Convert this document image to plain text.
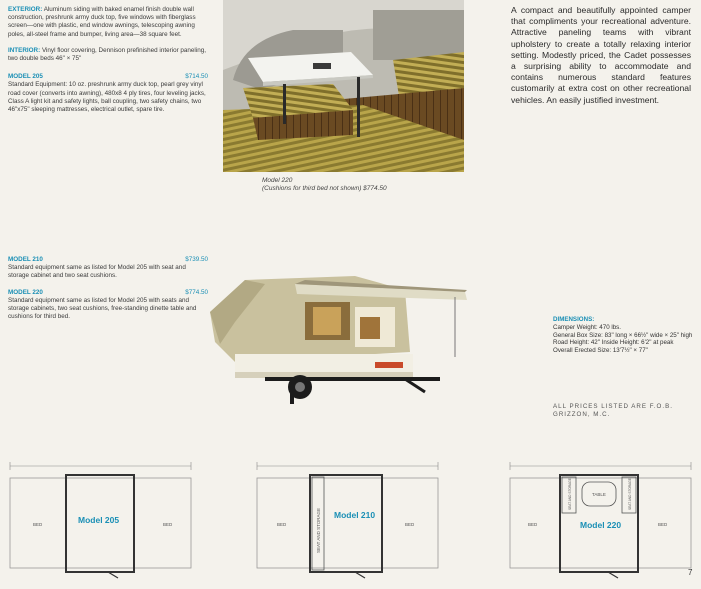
EXTERIOR: Aluminum siding with baked enamel finish double wall construction, preshrunk army duck top, five windows with fiberglass screen—one with plastic, end window awnings, telescoping awning poles, all-steel frame and bumper, living area—38 square feet.
INTERIOR: Vinyl floor covering, Dennison prefinished interior paneling, two double beds 46" × 75"
MODEL 205	$714.50
Standard Equipment: 10 oz. preshrunk army duck top, pearl grey vinyl road cover (converts into awning), 480x8 4 ply tires, four leveling jacks, Class A light kit and safety lights, ball coupling, two safety chains, two 46"x75" sleeping mattresses, electrical outlet, spare tire.
MODEL 210	$739.50
Standard equipment same as listed for Model 205 with seat and storage cabinet and two seat cushions.
MODEL 220	$774.50
Standard equipment same as listed for Model 205 with seats and storage cabinets, two seat cushions, free-standing dinette table and cushions for third bed.
Model 220
(Cushions for third bed not shown) $774.50
A compact and beautifully appointed camper that compliments your recreational adventure. Attractive paneling teams with vibrant upholstery to create a totally relaxing interior setting. Modestly priced, the Cadet possesses a surprising ability to accommodate and contains numerous standard features customarily at extra cost on other recreational vehicles. An easily justified investment.
DIMENSIONS:
Camper Weight: 470 lbs.
General Box Size: 83" long × 66½" wide × 25" high
Road Height: 42" Inside Height: 6'2" at peak
Overall Erected Size: 13'7½" × 77"
ALL PRICES LISTED ARE F.O.B. GRIZZON, M.C.
BED	BED
Model 205	BED	BED
SEAT AND STORAGE Model 210
BED	BED
TABLE
SEAT AND STORAGE	SEAT AND STORAGE
Model 220
7
